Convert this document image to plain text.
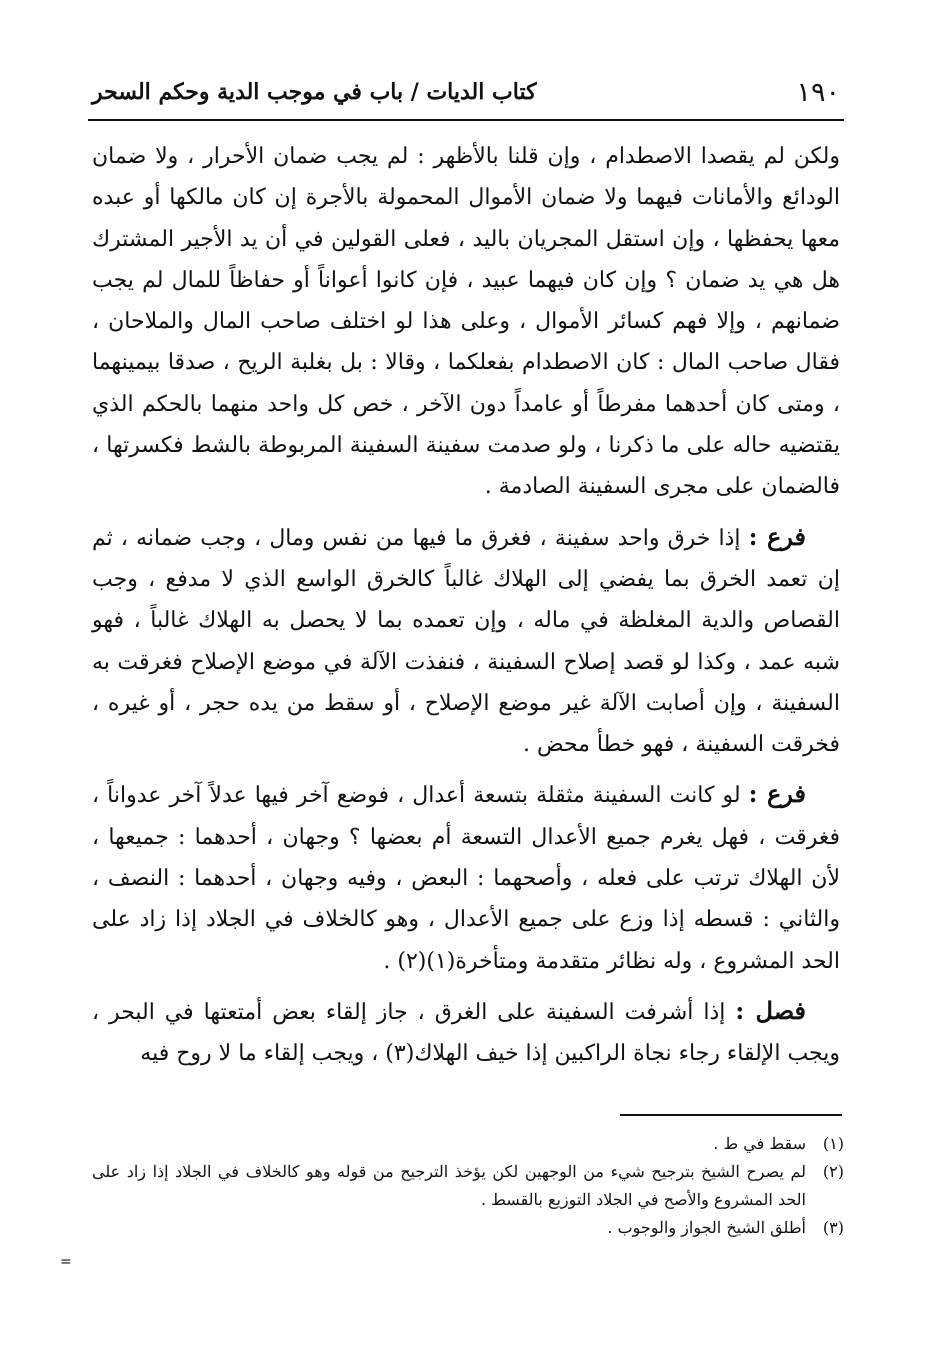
١٩٠
كتاب الديات / باب في موجب الدية وحكم السحر

ولكن لم يقصدا الاصطدام ، وإن قلنا بالأظهر : لم يجب ضمان الأحرار ، ولا ضمان الودائع والأمانات فيهما ولا ضمان الأموال المحمولة بالأجرة إن كان مالكها أو عبده معها يحفظها ، وإن استقل المجريان باليد ، فعلى القولين في أن يد الأجير المشترك هل هي يد ضمان ؟ وإن كان فيهما عبيد ، فإن كانوا أعواناً أو حفاظاً للمال لم يجب ضمانهم ، وإلا فهم كسائر الأموال ، وعلى هذا لو اختلف صاحب المال والملاحان ، فقال صاحب المال : كان الاصطدام بفعلكما ، وقالا : بل بغلبة الريح ، صدقا بيمينهما ، ومتى كان أحدهما مفرطاً أو عامداً دون الآخر ، خص كل واحد منهما بالحكم الذي يقتضيه حاله على ما ذكرنا ، ولو صدمت سفينة السفينة المربوطة بالشط فكسرتها ، فالضمان على مجرى السفينة الصادمة .

فرع : إذا خرق واحد سفينة ، فغرق ما فيها من نفس ومال ، وجب ضمانه ، ثم إن تعمد الخرق بما يفضي إلى الهلاك غالباً كالخرق الواسع الذي لا مدفع ، وجب القصاص والدية المغلظة في ماله ، وإن تعمده بما لا يحصل به الهلاك غالباً ، فهو شبه عمد ، وكذا لو قصد إصلاح السفينة ، فنفذت الآلة في موضع الإصلاح فغرقت به السفينة ، وإن أصابت الآلة غير موضع الإصلاح ، أو سقط من يده حجر ، أو غيره ، فخرقت السفينة ، فهو خطأ محض .

فرع : لو كانت السفينة مثقلة بتسعة أعدال ، فوضع آخر فيها عدلاً آخر عدواناً ، فغرقت ، فهل يغرم جميع الأعدال التسعة أم بعضها ؟ وجهان ، أحدهما : جميعها ، لأن الهلاك ترتب على فعله ، وأصحهما : البعض ، وفيه وجهان ، أحدهما : النصف ، والثاني : قسطه إذا وزع على جميع الأعدال ، وهو كالخلاف في الجلاد إذا زاد على الحد المشروع ، وله نظائر متقدمة ومتأخرة(١)(٢) .

فصل : إذا أشرفت السفينة على الغرق ، جاز إلقاء بعض أمتعتها في البحر ، ويجب الإلقاء رجاء نجاة الراكبين إذا خيف الهلاك(٣) ، ويجب إلقاء ما لا روح فيه

(١)
سقط في ط .
(٢)
لم يصرح الشيخ بترجيح شيء من الوجهين لكن يؤخذ الترجيح من قوله وهو كالخلاف في الجلاد إذا زاد على الحد المشروع والأصح في الجلاد التوزيع بالقسط .
(٣)
أطلق الشيخ الجواز والوجوب .
=
